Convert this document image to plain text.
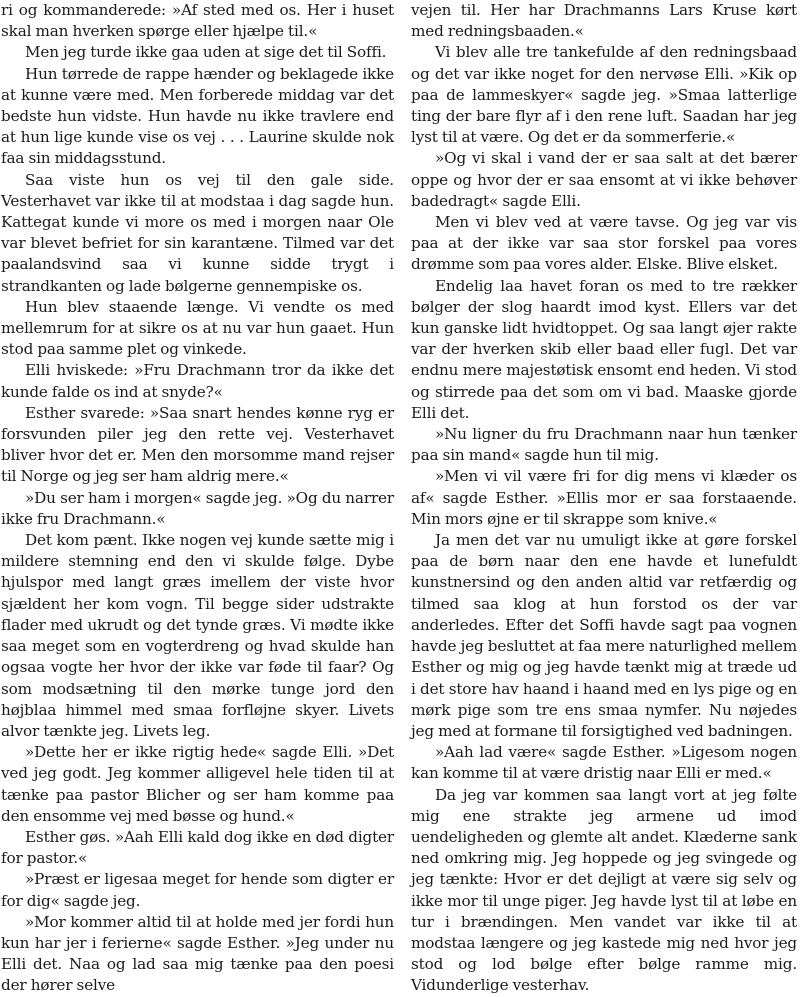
ri og kommanderede: »Af sted med os. Her i huset skal man hverken spørge eller hjælpe til.«

Men jeg turde ikke gaa uden at sige det til Soffi.

Hun tørrede de rappe hænder og beklagede ikke at kunne være med. Men forberede middag var det bedste hun vidste. Hun havde nu ikke travlere end at hun lige kunde vise os vej . . . Laurine skulde nok faa sin middagsstund.

Saa viste hun os vej til den gale side. Vesterhavet var ikke til at modstaa i dag sagde hun. Kattegat kunde vi more os med i morgen naar Ole var blevet befriet for sin karantæne. Tilmed var det paalandsvind saa vi kunne sidde trygt i strandkanten og lade bølgerne gennempiske os.

Hun blev staaende længe. Vi vendte os med mellemrum for at sikre os at nu var hun gaaet. Hun stod paa samme plet og vinkede.

Elli hviskede: »Fru Drachmann tror da ikke det kunde falde os ind at snyde?«

Esther svarede: »Saa snart hendes kønne ryg er forsvunden piler jeg den rette vej. Vesterhavet bliver hvor det er. Men den morsomme mand rejser til Norge og jeg ser ham aldrig mere.«

»Du ser ham i morgen« sagde jeg. »Og du narrer ikke fru Drachmann.«

Det kom pænt. Ikke nogen vej kunde sætte mig i mildere stemning end den vi skulde følge. Dybe hjulspor med langt græs imellem der viste hvor sjældent her kom vogn. Til begge sider udstrakte flader med ukrudt og det tynde græs. Vi mødte ikke saa meget som en vogterdreng og hvad skulde han ogsaa vogte her hvor der ikke var føde til faar? Og som modsætning til den mørke tunge jord den højblaa himmel med smaa forfløjne skyer. Livets alvor tænkte jeg. Livets leg.

»Dette her er ikke rigtig hede« sagde Elli. »Det ved jeg godt. Jeg kommer alligevel hele tiden til at tænke paa pastor Blicher og ser ham komme paa den ensomme vej med bøsse og hund.«

Esther gøs. »Aah Elli kald dog ikke en død digter for pastor.«

»Præst er ligesaa meget for hende som digter er for dig« sagde jeg.

»Mor kommer altid til at holde med jer fordi hun kun har jer i ferierne« sagde Esther. »Jeg under nu Elli det. Naa og lad saa mig tænke paa den poesi der hører selve

vejen til. Her har Drachmanns Lars Kruse kørt med redningsbaaden.«

Vi blev alle tre tankefulde af den redningsbaad og det var ikke noget for den nervøse Elli. »Kik op paa de lammeskyer« sagde jeg. »Smaa latterlige ting der bare flyr af i den rene luft. Saadan har jeg lyst til at være. Og det er da sommerferie.«

»Og vi skal i vand der er saa salt at det bærer oppe og hvor der er saa ensomt at vi ikke behøver badedragt« sagde Elli.

Men vi blev ved at være tavse. Og jeg var vis paa at der ikke var saa stor forskel paa vores drømme som paa vores alder. Elske. Blive elsket.

Endelig laa havet foran os med to tre rækker bølger der slog haardt imod kyst. Ellers var det kun ganske lidt hvidtoppet. Og saa langt øjer rakte var der hverken skib eller baad eller fugl. Det var endnu mere majestøtisk ensomt end heden. Vi stod og stirrede paa det som om vi bad. Maaske gjorde Elli det.

»Nu ligner du fru Drachmann naar hun tænker paa sin mand« sagde hun til mig.

»Men vi vil være fri for dig mens vi klæder os af« sagde Esther. »Ellis mor er saa forstaaende. Min mors øjne er til skrappe som knive.«

Ja men det var nu umuligt ikke at gøre forskel paa de børn naar den ene havde et lunefuldt kunstnersind og den anden altid var retfærdig og tilmed saa klog at hun forstod os der var anderledes. Efter det Soffi havde sagt paa vognen havde jeg besluttet at faa mere naturlighed mellem Esther og mig og jeg havde tænkt mig at træde ud i det store hav haand i haand med en lys pige og en mørk pige som tre ens smaa nymfer. Nu nøjedes jeg med at formane til forsigtighed ved badningen.

»Aah lad være« sagde Esther. »Ligesom nogen kan komme til at være dristig naar Elli er med.«

Da jeg var kommen saa langt vort at jeg følte mig ene strakte jeg armene ud imod uendeligheden og glemte alt andet. Klæderne sank ned omkring mig. Jeg hoppede og jeg svingede og jeg tænkte: Hvor er det dejligt at være sig selv og ikke mor til unge piger. Jeg havde lyst til at løbe en tur i brændingen. Men vandet var ikke til at modstaa længere og jeg kastede mig ned hvor jeg stod og lod bølge efter bølge ramme mig. Vidunderlige vesterhav.
